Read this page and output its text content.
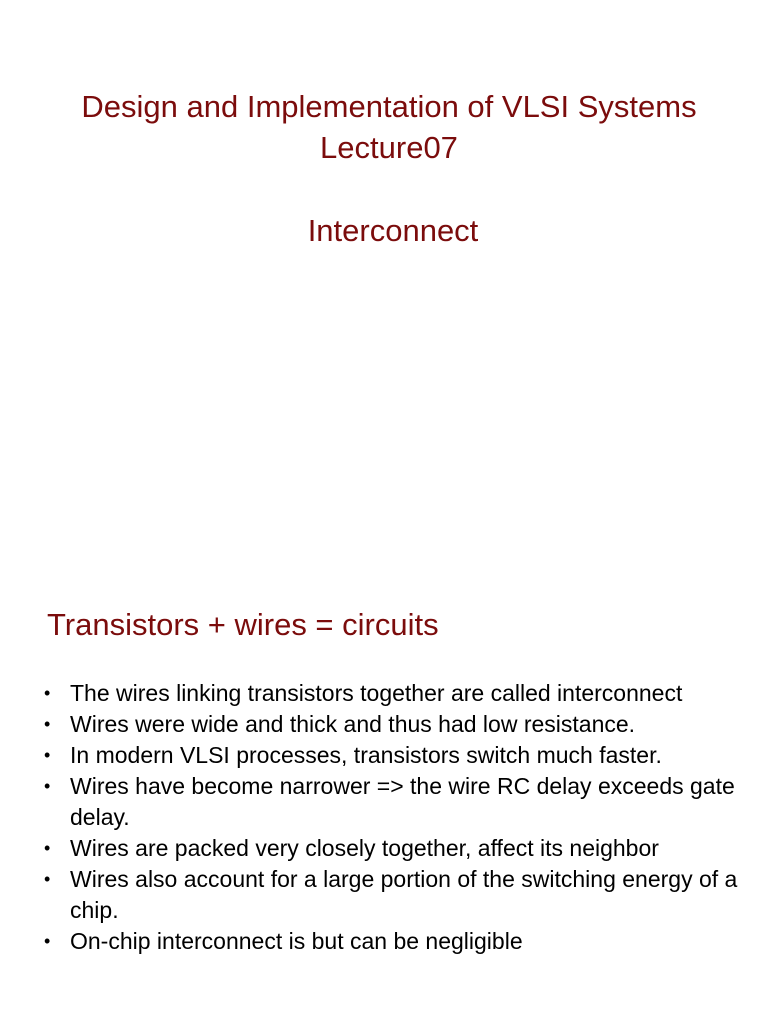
Design and Implementation of VLSI Systems
Lecture07
Interconnect
Transistors + wires = circuits
• The wires linking transistors together are called interconnect
• Wires were wide and thick and thus had low resistance.
• In modern VLSI processes, transistors switch much faster.
• Wires have become narrower => the wire RC delay exceeds gate delay.
• Wires are packed very closely together, affect its neighbor
• Wires also account for a large portion of the switching energy of a chip.
• On-chip interconnect is but can be negligible
